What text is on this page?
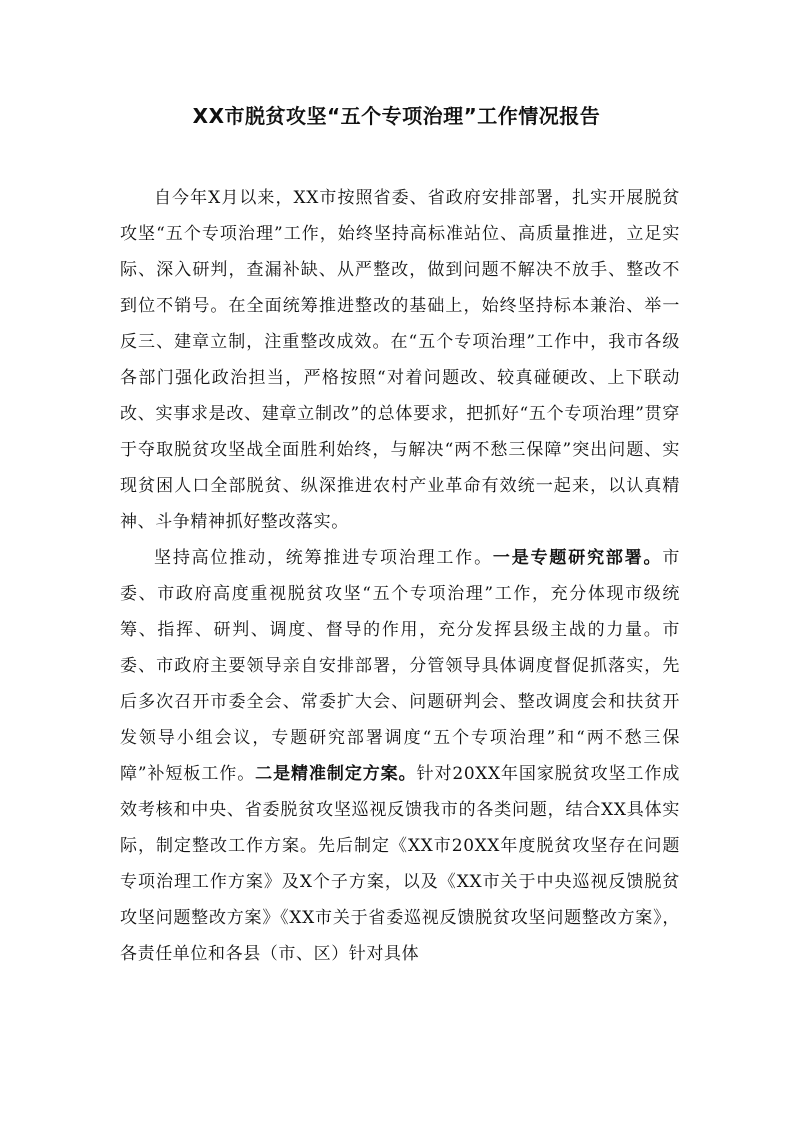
XX市脱贫攻坚“五个专项治理”工作情况报告

自今年X月以来，XX市按照省委、省政府安排部署，扎实开展脱贫攻坚“五个专项治理”工作，始终坚持高标准站位、高质量推进，立足实际、深入研判，查漏补缺、从严整改，做到问题不解决不放手、整改不到位不销号。在全面统筹推进整改的基础上，始终坚持标本兼治、举一反三、建章立制，注重整改成效。在“五个专项治理”工作中，我市各级各部门强化政治担当，严格按照“对着问题改、较真碰硬改、上下联动改、实事求是改、建章立制改”的总体要求，把抓好“五个专项治理”贯穿于夺取脱贫攻坚战全面胜利始终，与解决“两不愁三保障”突出问题、实现贫困人口全部脱贫、纵深推进农村产业革命有效统一起来，以认真精神、斗争精神抓好整改落实。

坚持高位推动，统筹推进专项治理工作。一是专题研究部署。市委、市政府高度重视脱贫攻坚“五个专项治理”工作，充分体现市级统筹、指挥、研判、调度、督导的作用，充分发挥县级主战的力量。市委、市政府主要领导亲自安排部署，分管领导具体调度督促抓落实，先后多次召开市委全会、常委扩大会、问题研判会、整改调度会和扶贫开发领导小组会议，专题研究部署调度“五个专项治理”和“两不愁三保障”补短板工作。二是精准制定方案。针对20XX年国家脱贫攻坚工作成效考核和中央、省委脱贫攻坚巡视反馈我市的各类问题，结合XX具体实际，制定整改工作方案。先后制定《XX市20XX年度脱贫攻坚存在问题专项治理工作方案》及X个子方案，以及《XX市关于中央巡视反馈脱贫攻坚问题整改方案》《XX市关于省委巡视反馈脱贫攻坚问题整改方案》，各责任单位和各县（市、区）针对具体
